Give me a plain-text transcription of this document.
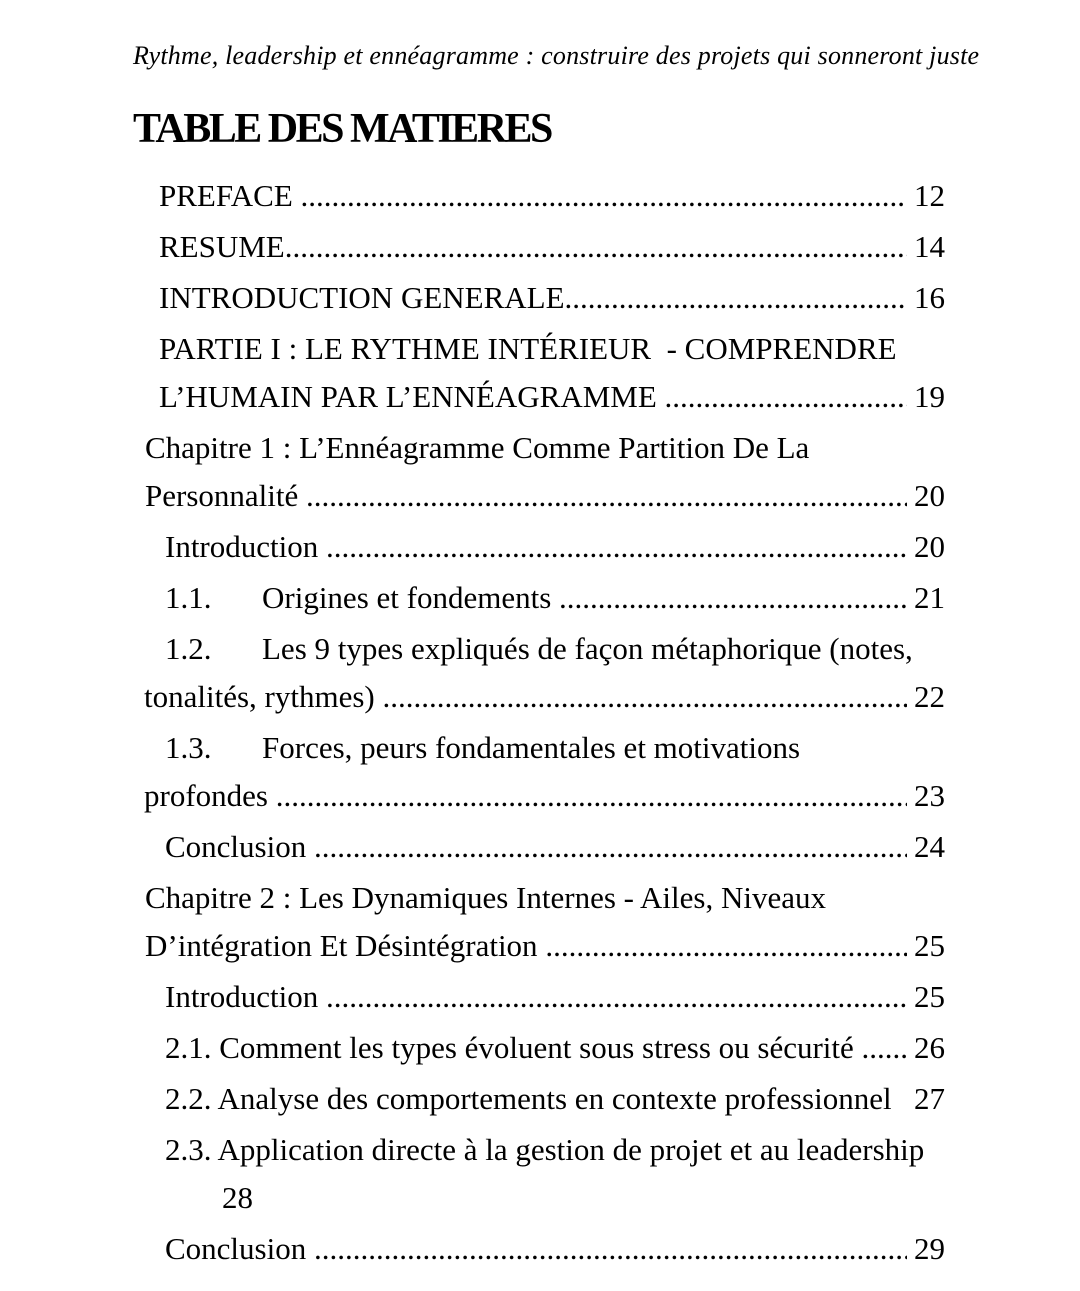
Rythme, leadership et ennéagramme : construire des projets qui sonneront juste
TABLE DES MATIERES
PREFACE .....	12
RESUME .....	14
INTRODUCTION GENERALE .....	16
PARTIE I : LE RYTHME INTÉRIEUR  - COMPRENDRE
L’HUMAIN PAR L’ENNÉAGRAMME .....	19
Chapitre 1 : L’Ennéagramme Comme Partition De La
Personnalité .....	20
Introduction .....	20
1.1.	Origines et fondements .....	21
1.2.	Les 9 types expliqués de façon métaphorique (notes,
tonalités, rythmes) .....	22
1.3.	Forces, peurs fondamentales et motivations
profondes .....	23
Conclusion .....	24
Chapitre 2 : Les Dynamiques Internes - Ailes, Niveaux
D’intégration Et Désintégration .....	25
Introduction .....	25
2.1. Comment les types évoluent sous stress ou sécurité ..... 26
2.2. Analyse des comportements en contexte professionnel 27
2.3. Application directe à la gestion de projet et au leadership
28
Conclusion .....	29
